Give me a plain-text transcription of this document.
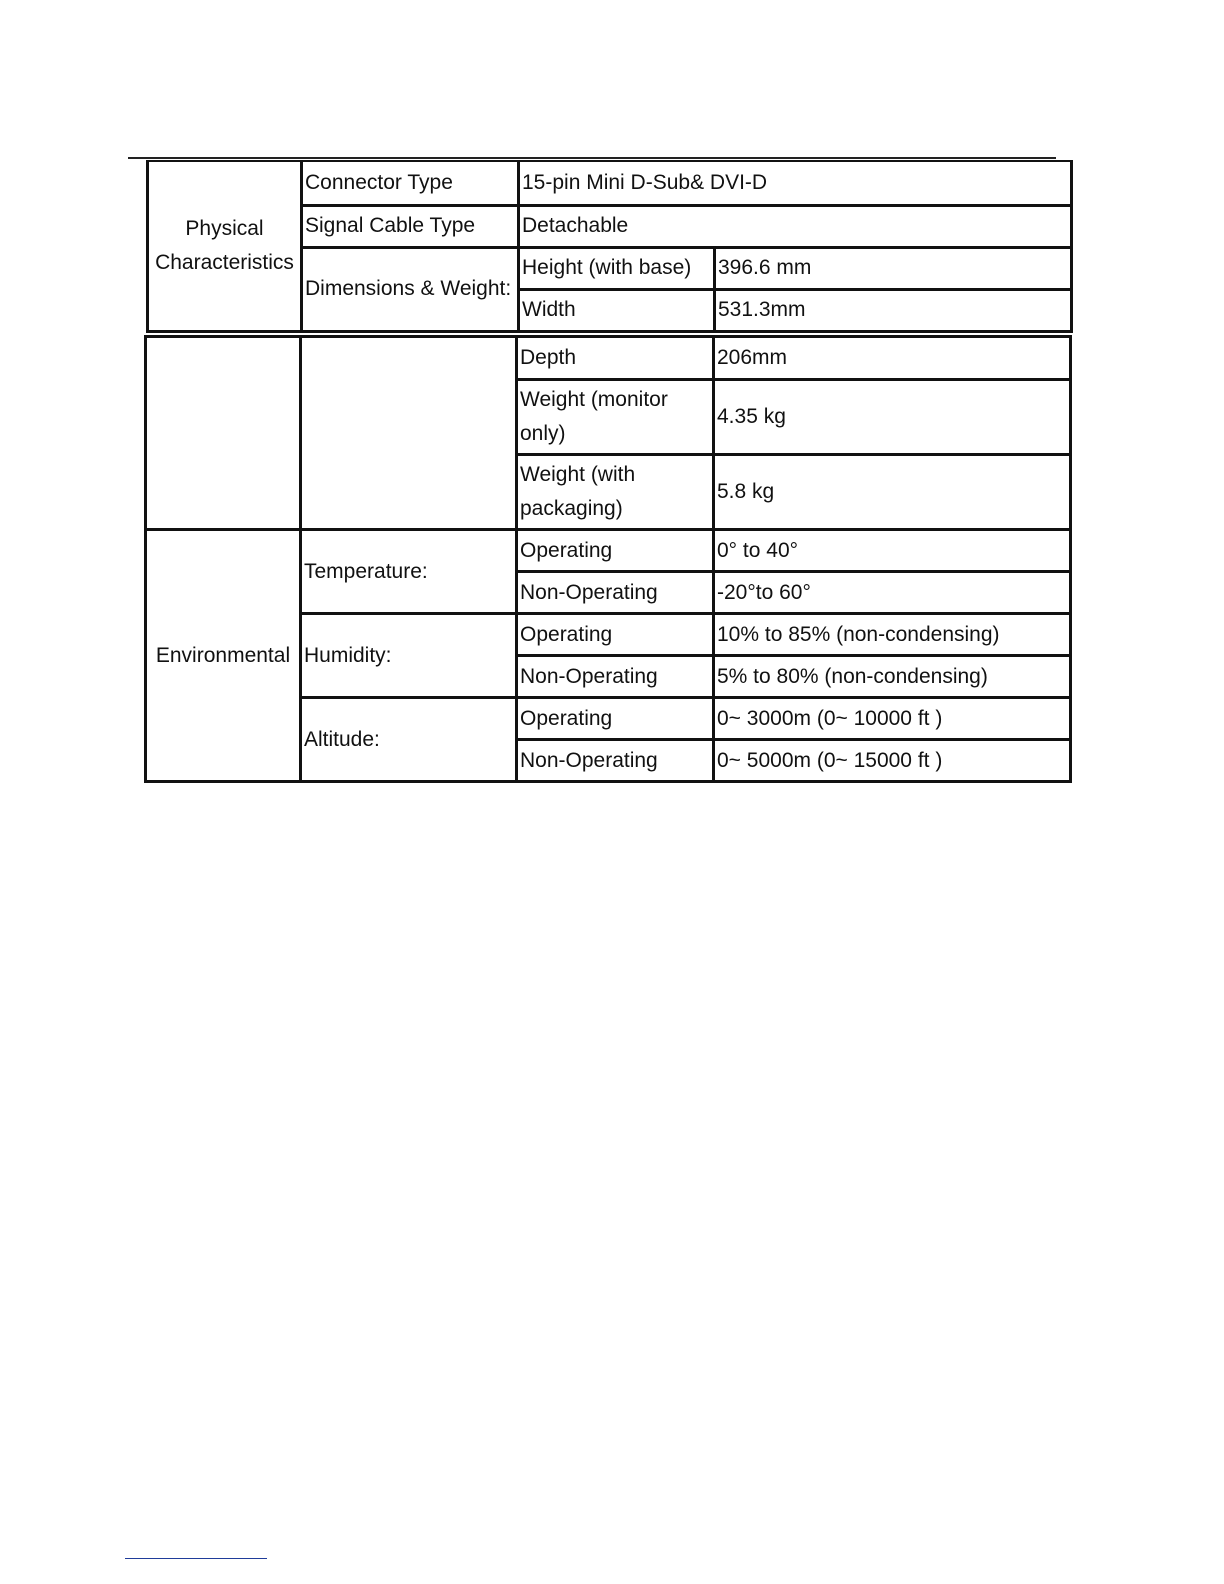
Physical Characteristics	Connector Type	15-pin Mini D-Sub& DVI-D	
	Signal Cable Type	Detachable	
	Dimensions & Weight:	Height (with base)	396.6 mm
		Width	531.3mm
		Depth	206mm
		Weight (monitor only)	4.35 kg
		Weight (with packaging)	5.8 kg
Environmental	Temperature:	Operating	0° to 40°
		Non-Operating	-20°to 60°
	Humidity:	Operating	10% to 85% (non-condensing)
		Non-Operating	5% to 80% (non-condensing)
	Altitude:	Operating	0~ 3000m (0~ 10000 ft )
		Non-Operating	0~ 5000m (0~ 15000 ft )
